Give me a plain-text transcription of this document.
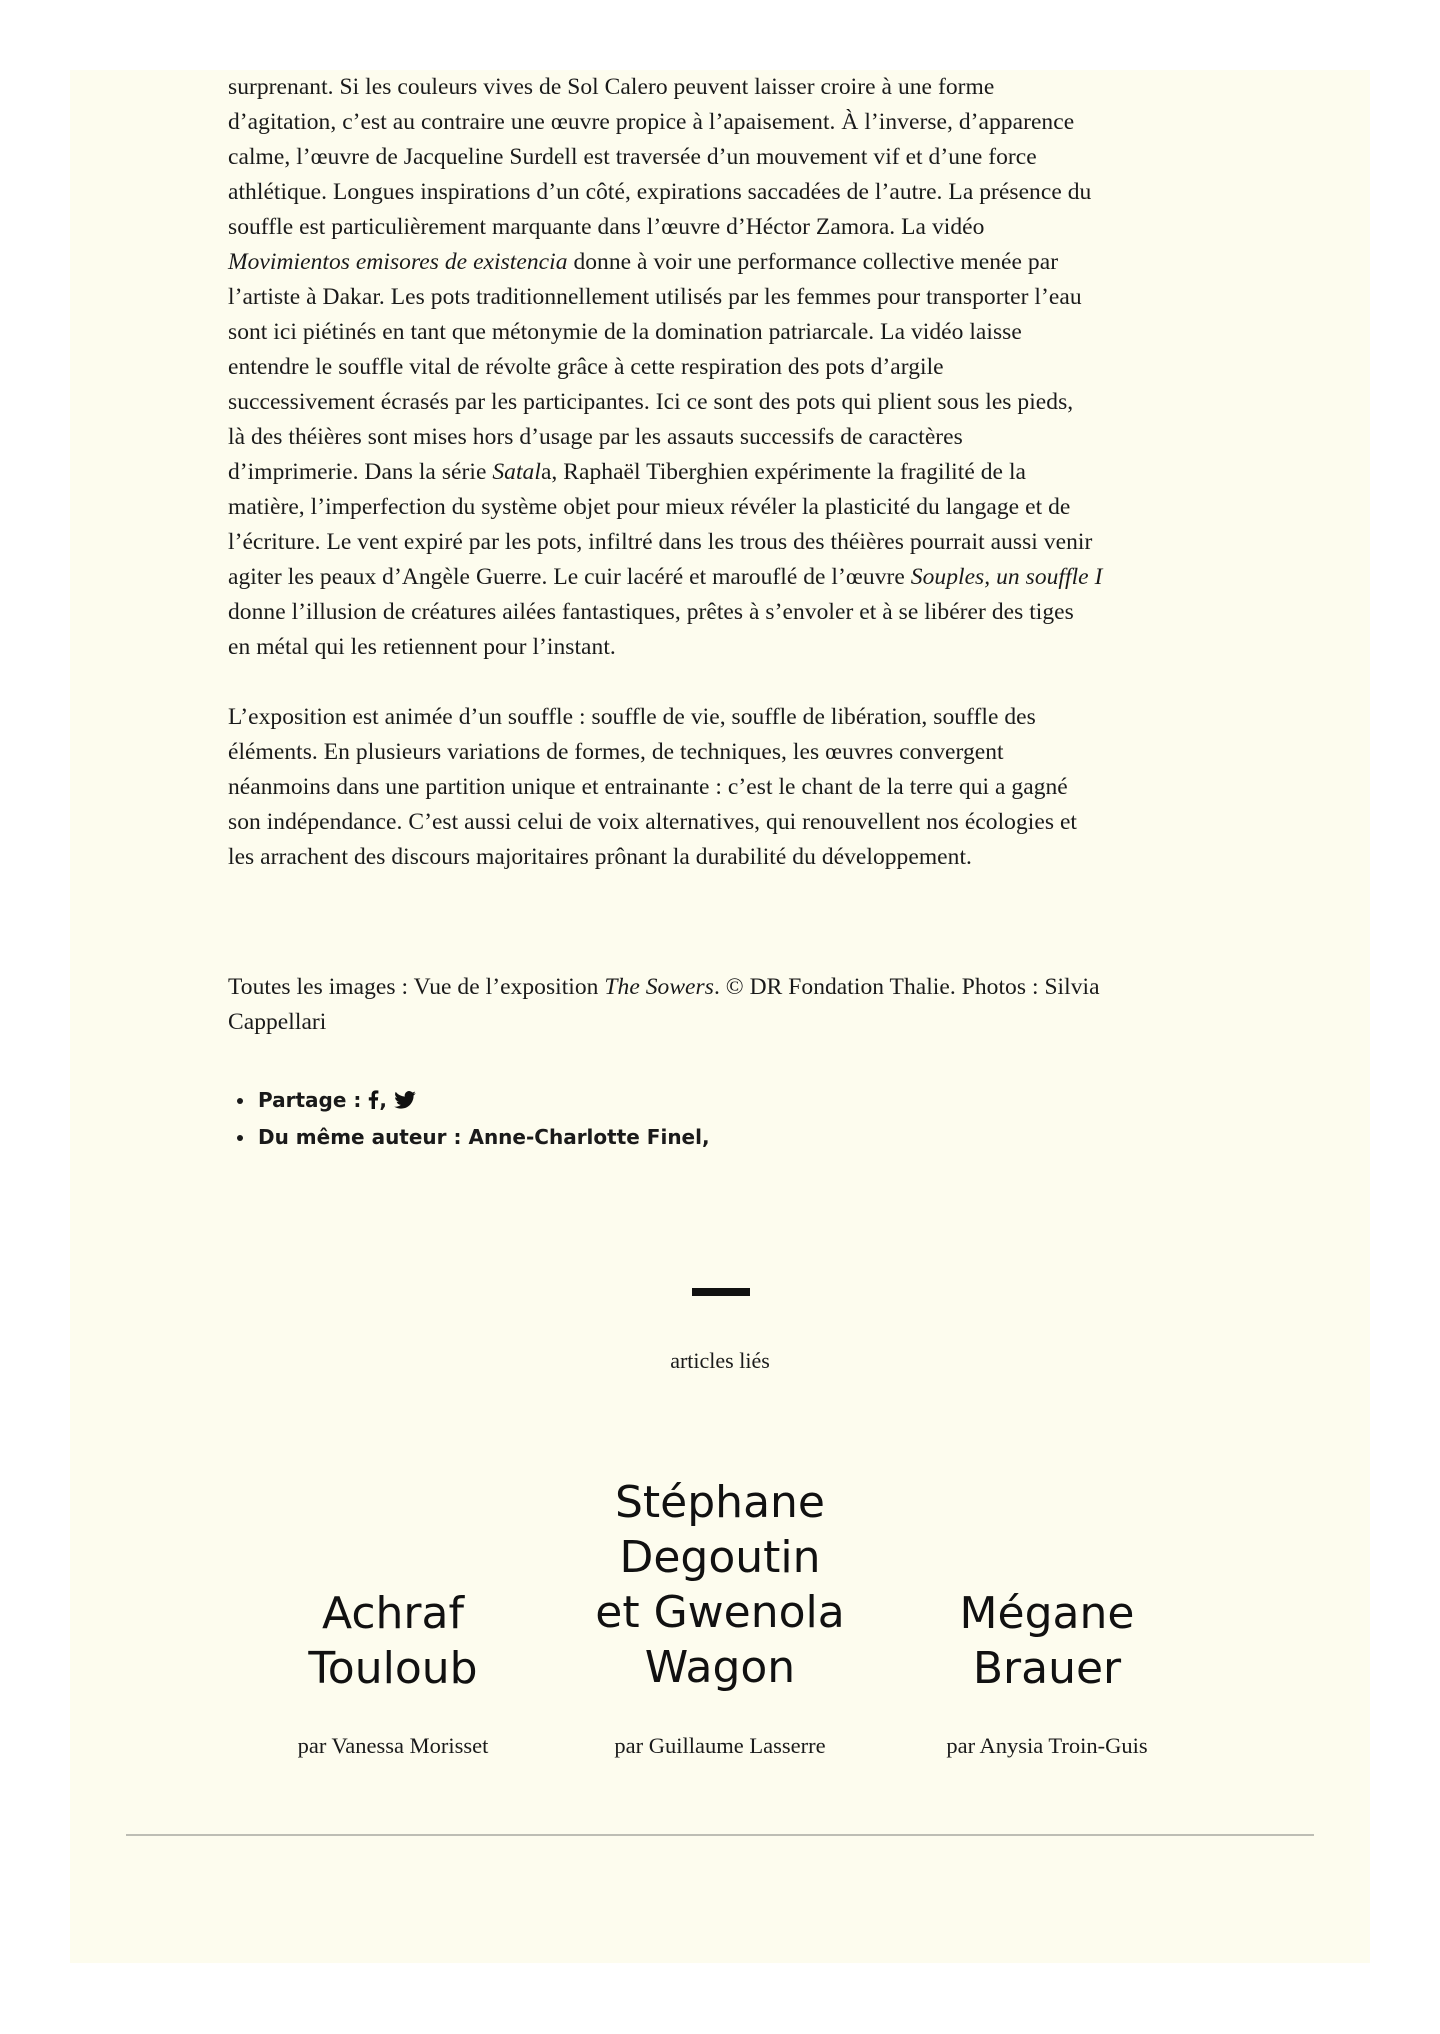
surprenant. Si les couleurs vives de Sol Calero peuvent laisser croire à une forme
d’agitation, c’est au contraire une œuvre propice à l’apaisement. À l’inverse, d’apparence
calme, l’œuvre de Jacqueline Surdell est traversée d’un mouvement vif et d’une force
athlétique. Longues inspirations d’un côté, expirations saccadées de l’autre. La présence du
souffle est particulièrement marquante dans l’œuvre d’Héctor Zamora. La vidéo
Movimientos emisores de existencia donne à voir une performance collective menée par
l’artiste à Dakar. Les pots traditionnellement utilisés par les femmes pour transporter l’eau
sont ici piétinés en tant que métonymie de la domination patriarcale. La vidéo laisse
entendre le souffle vital de révolte grâce à cette respiration des pots d’argile
successivement écrasés par les participantes. Ici ce sont des pots qui plient sous les pieds,
là des théières sont mises hors d’usage par les assauts successifs de caractères
d’imprimerie. Dans la série Satala, Raphaël Tiberghien expérimente la fragilité de la
matière, l’imperfection du système objet pour mieux révéler la plasticité du langage et de
l’écriture. Le vent expiré par les pots, infiltré dans les trous des théières pourrait aussi venir
agiter les peaux d’Angèle Guerre. Le cuir lacéré et marouflé de l’œuvre Souples, un souffle I
donne l’illusion de créatures ailées fantastiques, prêtes à s’envoler et à se libérer des tiges
en métal qui les retiennent pour l’instant.

L’exposition est animée d’un souffle : souffle de vie, souffle de libération, souffle des
éléments. En plusieurs variations de formes, de techniques, les œuvres convergent
néanmoins dans une partition unique et entrainante : c’est le chant de la terre qui a gagné
son indépendance. C’est aussi celui de voix alternatives, qui renouvellent nos écologies et
les arrachent des discours majoritaires prônant la durabilité du développement.

Toutes les images : Vue de l’exposition The Sowers. © DR Fondation Thalie. Photos : Silvia
Cappellari

• Partage : ,
• Du même auteur : Anne-Charlotte Finel,
articles liés
Achraf
Touloub

par Vanessa Morisset

Stéphane
Degoutin
et Gwenola
Wagon

par Guillaume Lasserre

Mégane
Brauer

par Anysia Troin-Guis
